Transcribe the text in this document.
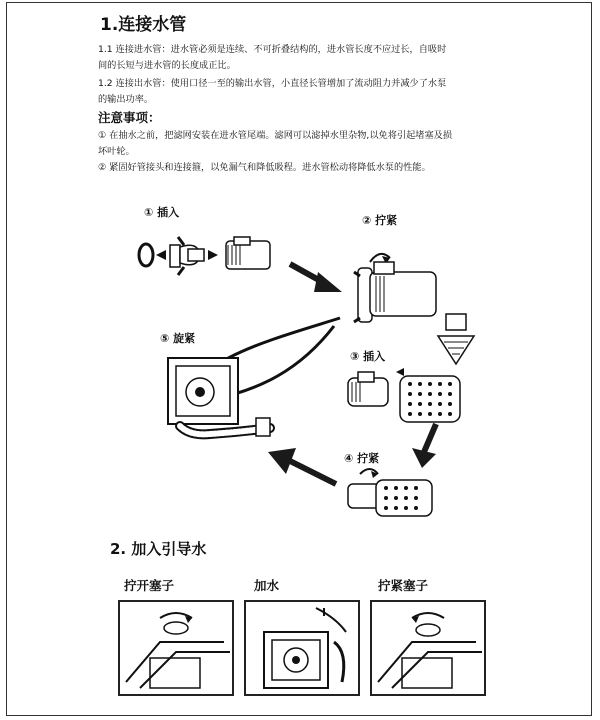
1.连接水管
1.1 连接进水管：进水管必须是连续、不可折叠结构的，进水管长度不应过长，自吸时
间的长短与进水管的长度成正比。
1.2 连接出水管：使用口径一至的输出水管，小直径长管增加了流动阻力并减少了水泵
的输出功率。
注意事项：
① 在抽水之前，把滤网安装在进水管尾端。滤网可以滤掉水里杂物,以免将引起堵塞及损
坏叶轮。
② 紧固好管接头和连接箍，以免漏气和降低吸程。进水管松动将降低水泵的性能。
① 插入
② 拧紧
③ 插入
④ 拧紧
⑤ 旋紧
2. 加入引导水
拧开塞子	加水	拧紧塞子
